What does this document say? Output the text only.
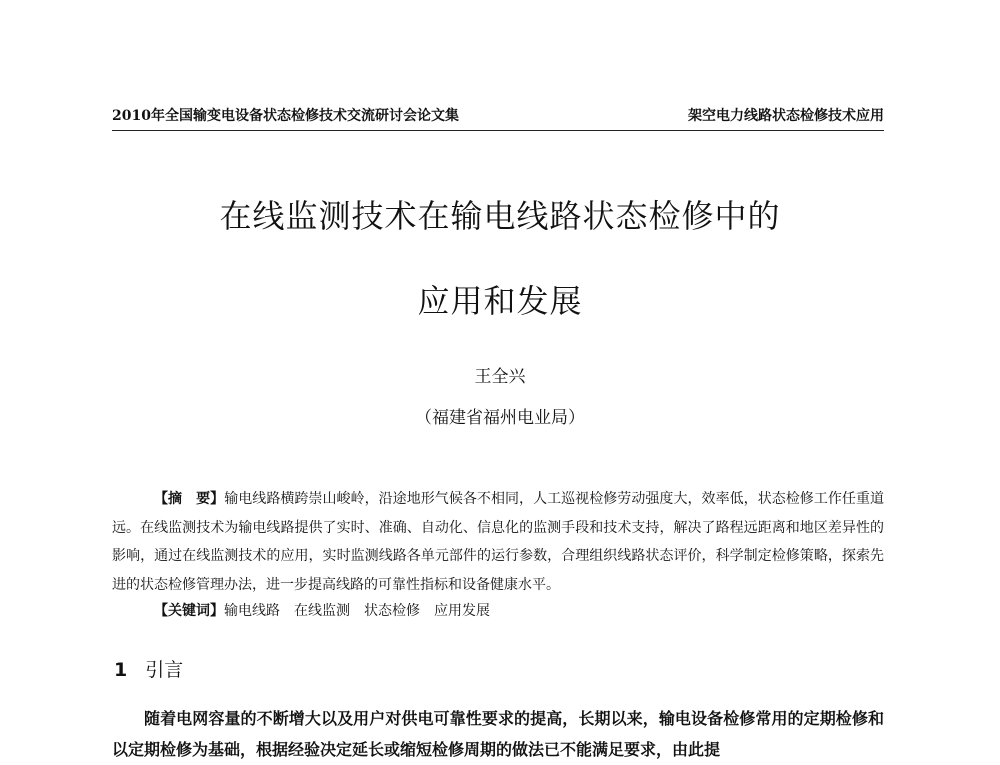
2010年全国输变电设备状态检修技术交流研讨会论文集	架空电力线路状态检修技术应用
在线监测技术在输电线路状态检修中的
应用和发展
王全兴
（福建省福州电业局）

【摘　要】输电线路横跨崇山峻岭，沿途地形气候各不相同，人工巡视检修劳动强度大，效率低，状态检修工作任重道远。在线监测技术为输电线路提供了实时、准确、自动化、信息化的监测手段和技术支持，解决了路程远距离和地区差异性的影响，通过在线监测技术的应用，实时监测线路各单元部件的运行参数，合理组织线路状态评价，科学制定检修策略，探索先进的状态检修管理办法，进一步提高线路的可靠性指标和设备健康水平。

【关键词】输电线路 在线监测 状态检修 应用发展

1 引言

随着电网容量的不断增大以及用户对供电可靠性要求的提高，长期以来，输电设备检修常用的定期检修和以定期检修为基础，根据经验决定延长或缩短检修周期的做法已不能满足要求，由此提
